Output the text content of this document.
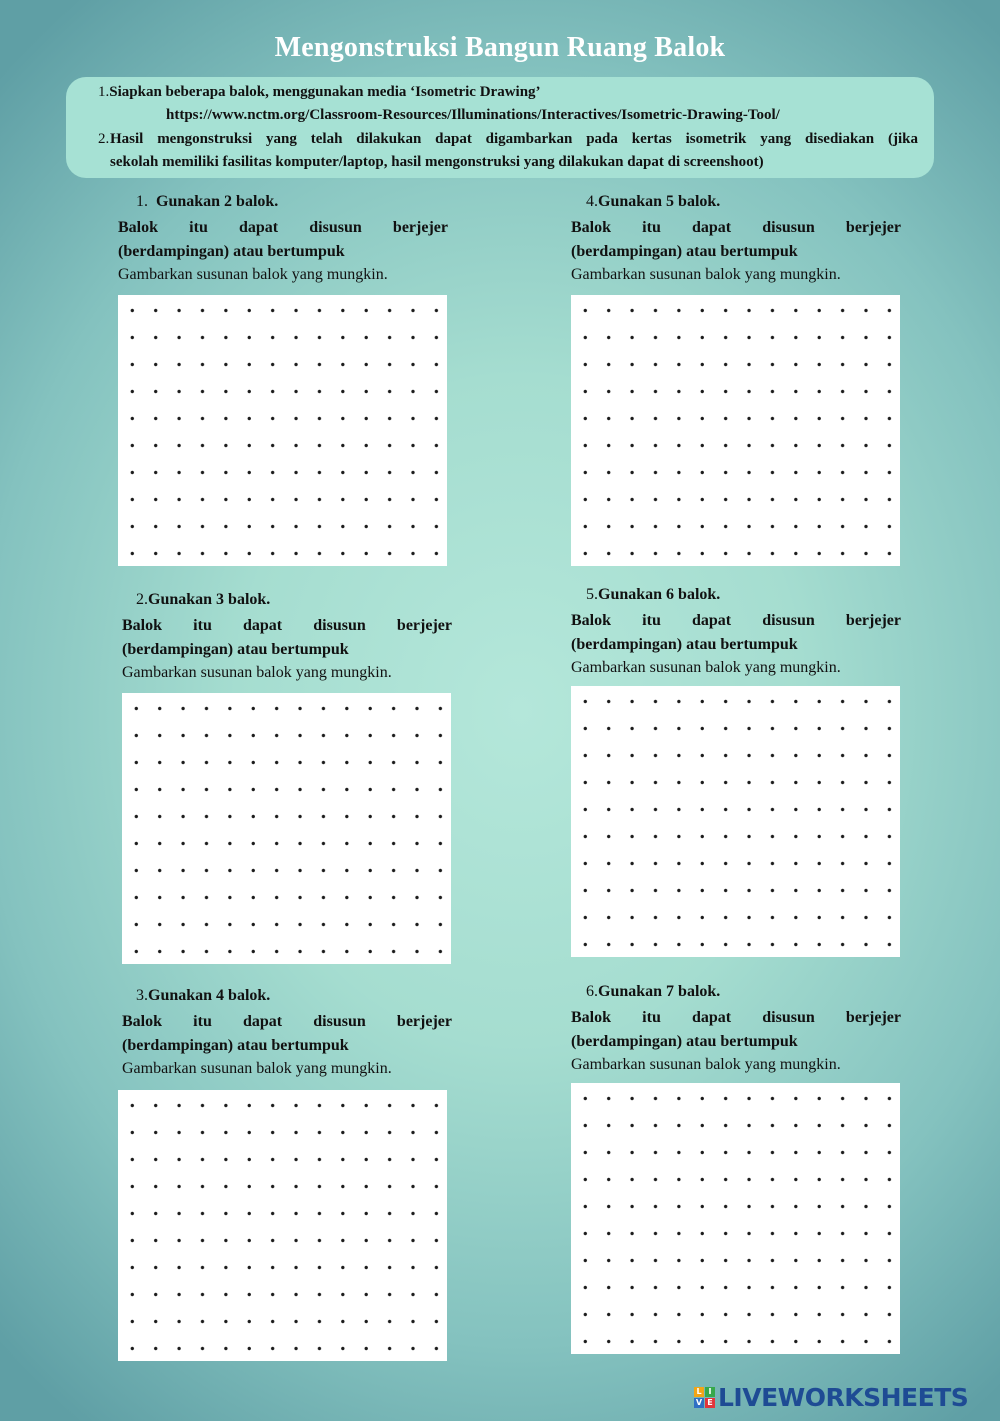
Mengonstruksi Bangun Ruang Balok
1.Siapkan beberapa balok, menggunakan media ‘Isometric Drawing’
https://www.nctm.org/Classroom-Resources/Illuminations/Interactives/Isometric-Drawing-Tool/
2. Hasil mengonstruksi yang telah dilakukan dapat digambarkan pada kertas isometrik yang disediakan (jika
sekolah memiliki fasilitas komputer/laptop, hasil mengonstruksi yang dilakukan dapat di screenshoot)
1. Gunakan 2 balok.
Balok itu dapat disusun berjejer
(berdampingan) atau bertumpuk
Gambarkan susunan balok yang mungkin.
2.Gunakan 3 balok.
Balok itu dapat disusun berjejer
(berdampingan) atau bertumpuk
Gambarkan susunan balok yang mungkin.
3.Gunakan 4 balok.
Balok itu dapat disusun berjejer
(berdampingan) atau bertumpuk
Gambarkan susunan balok yang mungkin.
4.Gunakan 5 balok.
Balok itu dapat disusun berjejer
(berdampingan) atau bertumpuk
Gambarkan susunan balok yang mungkin.
5.Gunakan 6 balok.
Balok itu dapat disusun berjejer
(berdampingan) atau bertumpuk
Gambarkan susunan balok yang mungkin.
6.Gunakan 7 balok.
Balok itu dapat disusun berjejer
(berdampingan) atau bertumpuk
Gambarkan susunan balok yang mungkin.
L I
V E LIVEWORKSHEETS
